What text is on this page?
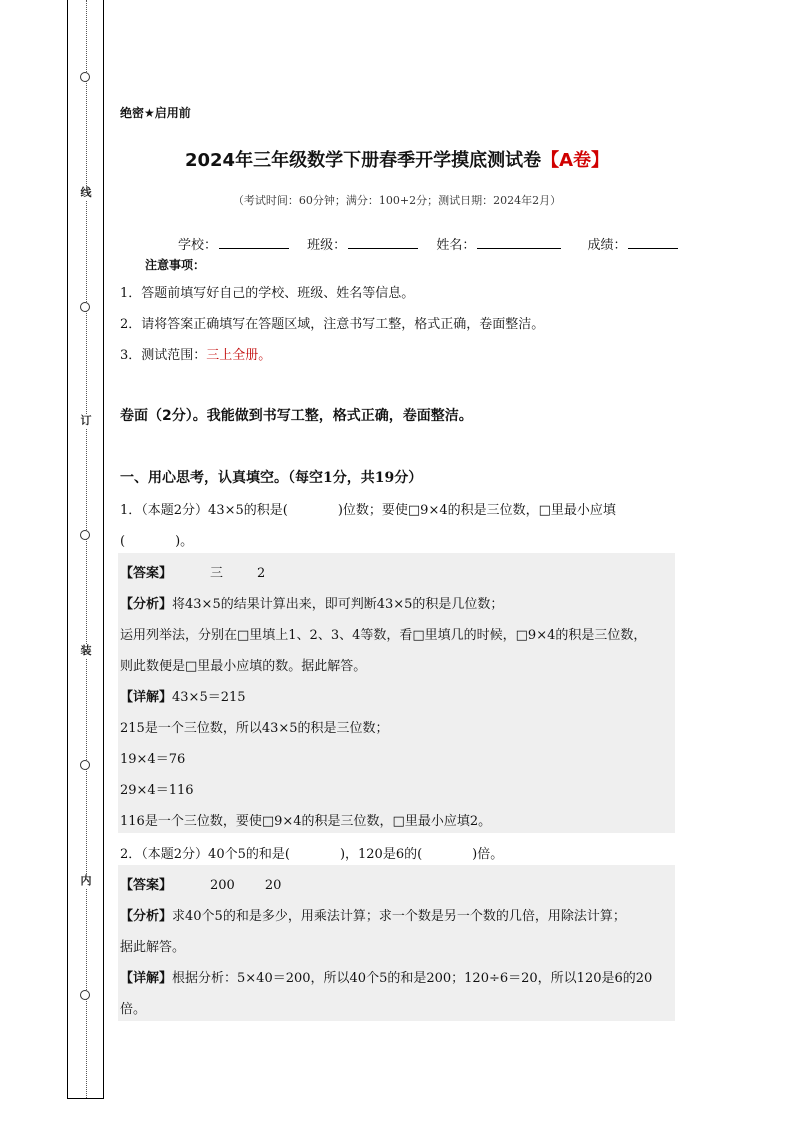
线
订
装
内
绝密★启用前
2024年三年级数学下册春季开学摸底测试卷【A卷】
（考试时间：60分钟；满分：100+2分；测试日期：2024年2月）
学校：	班级：	姓名：	成绩：
注意事项：
1．答题前填写好自己的学校、班级、姓名等信息。
2．请将答案正确填写在答题区域，注意书写工整，格式正确，卷面整洁。
3．测试范围：三上全册。
卷面（2分）。我能做到书写工整，格式正确，卷面整洁。
一、用心思考，认真填空。（每空1分，共19分）
1．（本题2分）43×5的积是(	)位数；要使□9×4的积是三位数，□里最小应填
(	)。
【答案】	三	2
【分析】将43×5的结果计算出来，即可判断43×5的积是几位数；
运用列举法，分别在□里填上1、2、3、4等数，看□里填几的时候，□9×4的积是三位数，
则此数便是□里最小应填的数。据此解答。
【详解】43×5＝215
215是一个三位数，所以43×5的积是三位数；
19×4＝76
29×4＝116
116是一个三位数，要使□9×4的积是三位数，□里最小应填2。
2．（本题2分）40个5的和是(	)，120是6的(	)倍。
【答案】	200 20
【分析】求40个5的和是多少，用乘法计算；求一个数是另一个数的几倍，用除法计算；
据此解答。
【详解】根据分析：5×40＝200，所以40个5的和是200；120÷6＝20，所以120是6的20
倍。
